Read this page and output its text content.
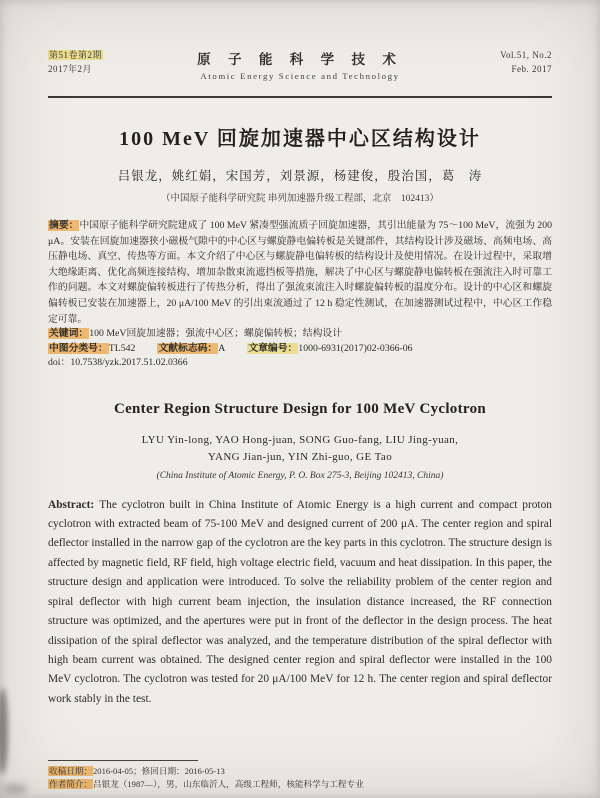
第51卷第2期
2017年2月
原 子 能 科 学 技 术
Atomic Energy Science and Technology
Vol.51, No.2
Feb. 2017
100 MeV 回旋加速器中心区结构设计
吕银龙，姚红娟，宋国芳，刘景源，杨建俊，殷治国，葛　涛
（中国原子能科学研究院 串列加速器升级工程部，北京　102413）

摘要：中国原子能科学研究院建成了 100 MeV 紧凑型强流质子回旋加速器，其引出能量为 75～100 MeV，流强为 200 μA。安装在回旋加速器狭小磁极气隙中的中心区与螺旋静电偏转板是关键部件，其结构设计涉及磁场、高频电场、高压静电场、真空、传热等方面。本文介绍了中心区与螺旋静电偏转板的结构设计及使用情况。在设计过程中，采取增大绝缘距离、优化高频连接结构、增加杂散束流遮挡板等措施，解决了中心区与螺旋静电偏转板在强流注入时可靠工作的问题。本文对螺旋偏转板进行了传热分析，得出了强流束流注入时螺旋偏转板的温度分布。设计的中心区和螺旋偏转板已安装在加速器上，20 μA/100 MeV 的引出束流通过了 12 h 稳定性测试，在加速器测试过程中，中心区工作稳定可靠。

关键词：100 MeV回旋加速器；强流中心区；螺旋偏转板；结构设计

中图分类号：TL542 文献标志码：A 文章编号：1000-6931(2017)02-0366-06

doi：10.7538/yzk.2017.51.02.0366

Center Region Structure Design for 100 MeV Cyclotron
LYU Yin-long, YAO Hong-juan, SONG Guo-fang, LIU Jing-yuan,
YANG Jian-jun, YIN Zhi-guo, GE Tao
(China Institute of Atomic Energy, P. O. Box 275-3, Beijing 102413, China)

Abstract: The cyclotron built in China Institute of Atomic Energy is a high current and compact proton cyclotron with extracted beam of 75-100 MeV and designed current of 200 μA. The center region and spiral deflector installed in the narrow gap of the cyclotron are the key parts in this cyclotron. The structure design is affected by magnetic field, RF field, high voltage electric field, vacuum and heat dissipation. In this paper, the structure design and application were introduced. To solve the reliability problem of the center region and spiral deflector with high current beam injection, the insulation distance increased, the RF connection structure was optimized, and the apertures were put in front of the deflector in the design process. The heat dissipation of the spiral deflector was analyzed, and the temperature distribution of the spiral deflector with high beam current was obtained. The designed center region and spiral deflector were installed in the 100 MeV cyclotron. The cyclotron was tested for 20 μA/100 MeV for 12 h. The center region and spiral deflector work stably in the test.

收稿日期：2016-04-05；修回日期：2016-05-13
作者简介：吕银龙（1987—），男，山东临沂人，高级工程师，核能科学与工程专业
